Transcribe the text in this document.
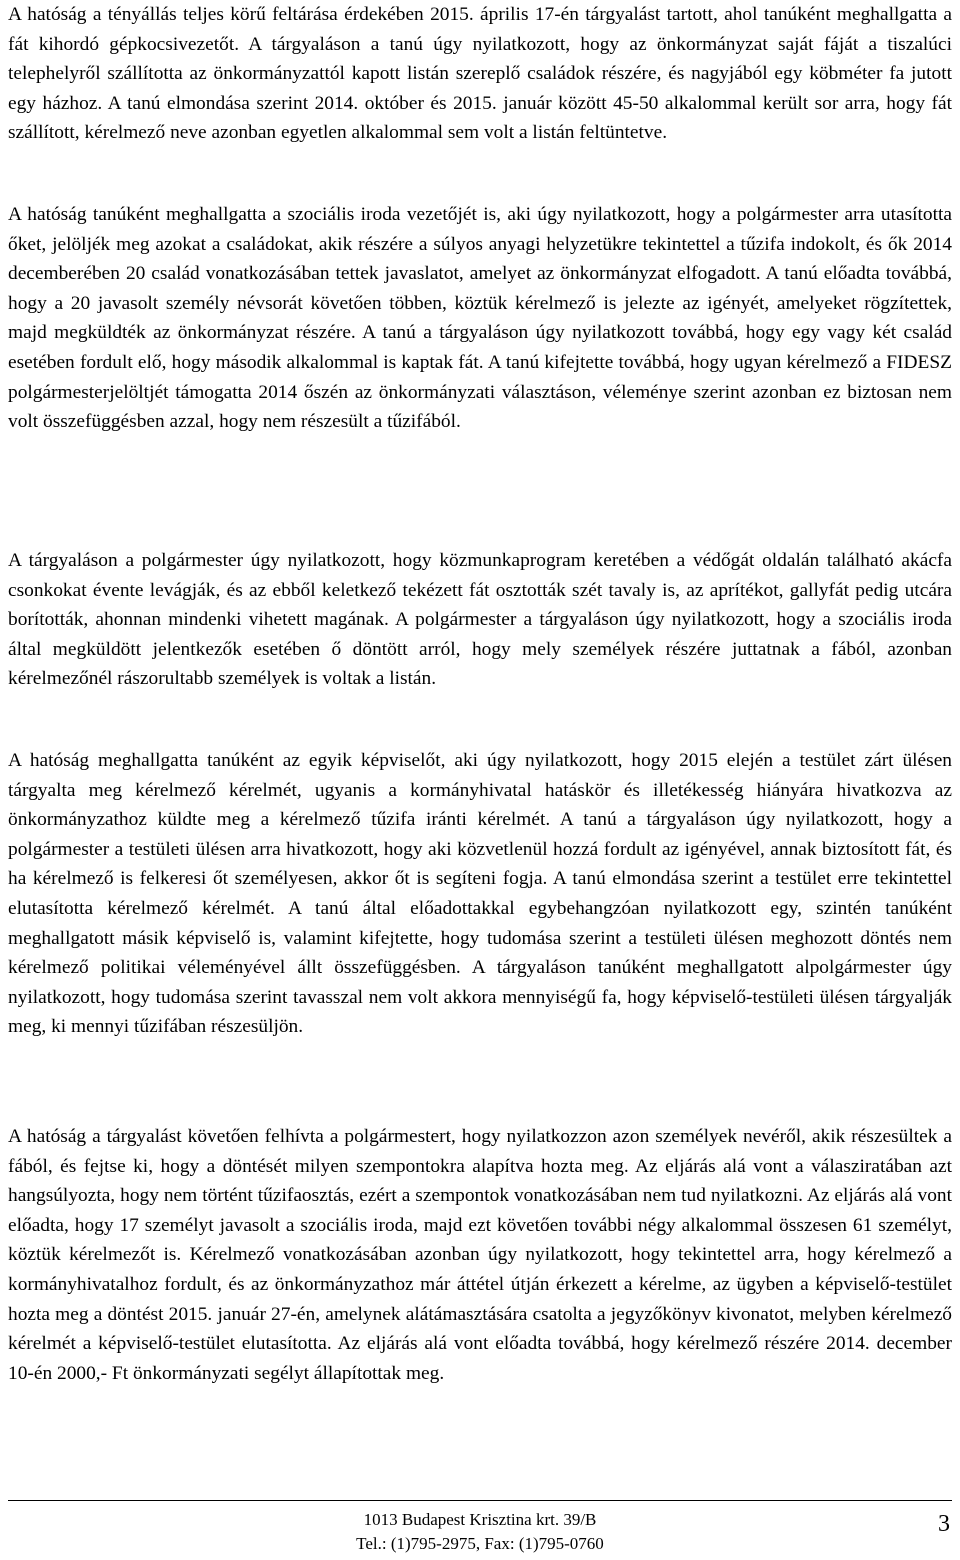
A hatóság a tényállás teljes körű feltárása érdekében 2015. április 17-én tárgyalást tartott, ahol tanúként meghallgatta a fát kihordó gépkocsivezetőt. A tárgyaláson a tanú úgy nyilatkozott, hogy az önkormányzat saját fáját a tiszalúci telephelyről szállította az önkormányzattól kapott listán szereplő családok részére, és nagyjából egy köbméter fa jutott egy házhoz. A tanú elmondása szerint 2014. október és 2015. január között 45-50 alkalommal került sor arra, hogy fát szállított, kérelmező neve azonban egyetlen alkalommal sem volt a listán feltüntetve.

A hatóság tanúként meghallgatta a szociális iroda vezetőjét is, aki úgy nyilatkozott, hogy a polgármester arra utasította őket, jelöljék meg azokat a családokat, akik részére a súlyos anyagi helyzetükre tekintettel a tűzifa indokolt, és ők 2014 decemberében 20 család vonatkozásában tettek javaslatot, amelyet az önkormányzat elfogadott. A tanú előadta továbbá, hogy a 20 javasolt személy névsorát követően többen, köztük kérelmező is jelezte az igényét, amelyeket rögzítettek, majd megküldték az önkormányzat részére. A tanú a tárgyaláson úgy nyilatkozott továbbá, hogy egy vagy két család esetében fordult elő, hogy második alkalommal is kaptak fát. A tanú kifejtette továbbá, hogy ugyan kérelmező a FIDESZ polgármesterjelöltjét támogatta 2014 őszén az önkormányzati választáson, véleménye szerint azonban ez biztosan nem volt összefüggésben azzal, hogy nem részesült a tűzifából.

A tárgyaláson a polgármester úgy nyilatkozott, hogy közmunkaprogram keretében a védőgát oldalán található akácfa csonkokat évente levágják, és az ebből keletkező tekézett fát osztották szét tavaly is, az aprítékot, gallyfát pedig utcára borították, ahonnan mindenki vihetett magának. A polgármester a tárgyaláson úgy nyilatkozott, hogy a szociális iroda által megküldött jelentkezők esetében ő döntött arról, hogy mely személyek részére juttatnak a fából, azonban kérelmezőnél rászorultabb személyek is voltak a listán.

A hatóság meghallgatta tanúként az egyik képviselőt, aki úgy nyilatkozott, hogy 2015 elején a testület zárt ülésen tárgyalta meg kérelmező kérelmét, ugyanis a kormányhivatal hatáskör és illetékesség hiányára hivatkozva az önkormányzathoz küldte meg a kérelmező tűzifa iránti kérelmét. A tanú a tárgyaláson úgy nyilatkozott, hogy a polgármester a testületi ülésen arra hivatkozott, hogy aki közvetlenül hozzá fordult az igényével, annak biztosított fát, és ha kérelmező is felkeresi őt személyesen, akkor őt is segíteni fogja. A tanú elmondása szerint a testület erre tekintettel elutasította kérelmező kérelmét. A tanú által előadottakkal egybehangzóan nyilatkozott egy, szintén tanúként meghallgatott másik képviselő is, valamint kifejtette, hogy tudomása szerint a testületi ülésen meghozott döntés nem kérelmező politikai véleményével állt összefüggésben. A tárgyaláson tanúként meghallgatott alpolgármester úgy nyilatkozott, hogy tudomása szerint tavasszal nem volt akkora mennyiségű fa, hogy képviselő-testületi ülésen tárgyalják meg, ki mennyi tűzifában részesüljön.

A hatóság a tárgyalást követően felhívta a polgármestert, hogy nyilatkozzon azon személyek nevéről, akik részesültek a fából, és fejtse ki, hogy a döntését milyen szempontokra alapítva hozta meg. Az eljárás alá vont a válasziratában azt hangsúlyozta, hogy nem történt tűzifaosztás, ezért a szempontok vonatkozásában nem tud nyilatkozni. Az eljárás alá vont előadta, hogy 17 személyt javasolt a szociális iroda, majd ezt követően további négy alkalommal összesen 61 személyt, köztük kérelmezőt is. Kérelmező vonatkozásában azonban úgy nyilatkozott, hogy tekintettel arra, hogy kérelmező a kormányhivatalhoz fordult, és az önkormányzathoz már áttétel útján érkezett a kérelme, az ügyben a képviselő-testület hozta meg a döntést 2015. január 27-én, amelynek alátámasztására csatolta a jegyzőkönyv kivonatot, melyben kérelmező kérelmét a képviselő-testület elutasította. Az eljárás alá vont előadta továbbá, hogy kérelmező részére 2014. december 10-én 2000,- Ft önkormányzati segélyt állapítottak meg.

1013 Budapest Krisztina krt. 39/B
Tel.: (1)795-2975, Fax: (1)795-0760
3
